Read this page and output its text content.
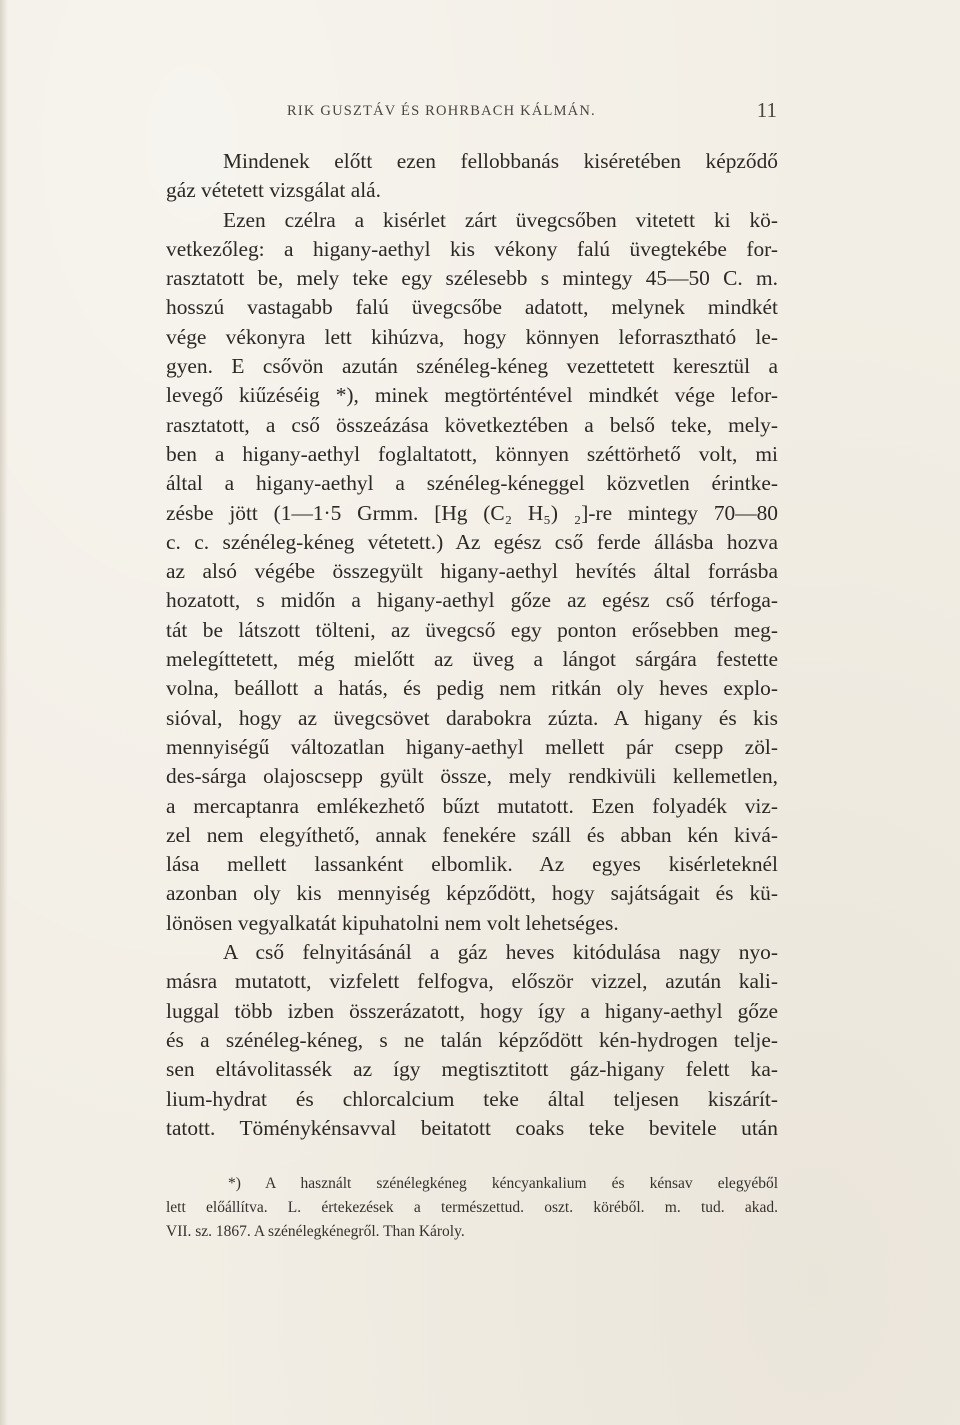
RIK GUSZTÁV ÉS ROHRBACH KÁLMÁN.	11
Mindenek előtt ezen fellobbanás kiséretében képződő
gáz vétetett vizsgálat alá.
Ezen czélra a kisérlet zárt üvegcsőben vitetett ki kö-
vetkezőleg: a higany-aethyl kis vékony falú üvegtekébe for-
rasztatott be, mely teke egy szélesebb s mintegy 45—50 C. m.
hosszú vastagabb falú üvegcsőbe adatott, melynek mindkét
vége vékonyra lett kihúzva, hogy könnyen leforrasztható le-
gyen. E csővön azután szénéleg-kéneg vezettetett keresztül a
levegő kiűzéséig *), minek megtörténtével mindkét vége lefor-
rasztatott, a cső összeázása következtében a belső teke, mely-
ben a higany-aethyl foglaltatott, könnyen széttörhető volt, mi
által a higany-aethyl a szénéleg-kéneggel közvetlen érintke-
zésbe jött (1—1·5 Grmm. [Hg (C₂ H₅) ₂]-re mintegy 70—80
c. c. szénéleg-kéneg vétetett.) Az egész cső ferde állásba hozva
az alsó végébe összegyült higany-aethyl hevítés által forrásba
hozatott, s midőn a higany-aethyl gőze az egész cső térfoga-
tát be látszott tölteni, az üvegcső egy ponton erősebben meg-
melegíttetett, még mielőtt az üveg a lángot sárgára festette
volna, beállott a hatás, és pedig nem ritkán oly heves explo-
sióval, hogy az üvegcsövet darabokra zúzta. A higany és kis
mennyiségű változatlan higany-aethyl mellett pár csepp zöl-
des-sárga olajoscsepp gyült össze, mely rendkivüli kellemetlen,
a mercaptanra emlékezhető bűzt mutatott. Ezen folyadék viz-
zel nem elegyíthető, annak fenekére száll és abban kén kivá-
lása mellett lassanként elbomlik. Az egyes kisérleteknél
azonban oly kis mennyiség képződött, hogy sajátságait és kü-
lönösen vegyalkatát kipuhatolni nem volt lehetséges.
A cső felnyitásánál a gáz heves kitódulása nagy nyo-
másra mutatott, vizfelett felfogva, először vizzel, azután kali-
luggal több izben összerázatott, hogy így a higany-aethyl gőze
és a szénéleg-kéneg, s ne talán képződött kén-hydrogen telje-
sen eltávolitassék az így megtisztitott gáz-higany felett ka-
lium-hydrat és chlorcalcium teke által teljesen kiszárít-
tatott. Töménykénsavval beitatott coaks teke bevitele után
*) A használt szénélegkéneg kéncyankalium és kénsav elegyéből
lett előállítva. L. értekezések a természettud. oszt. köréből. m. tud. akad.
VII. sz. 1867. A szénélegkénegről. Than Károly.
